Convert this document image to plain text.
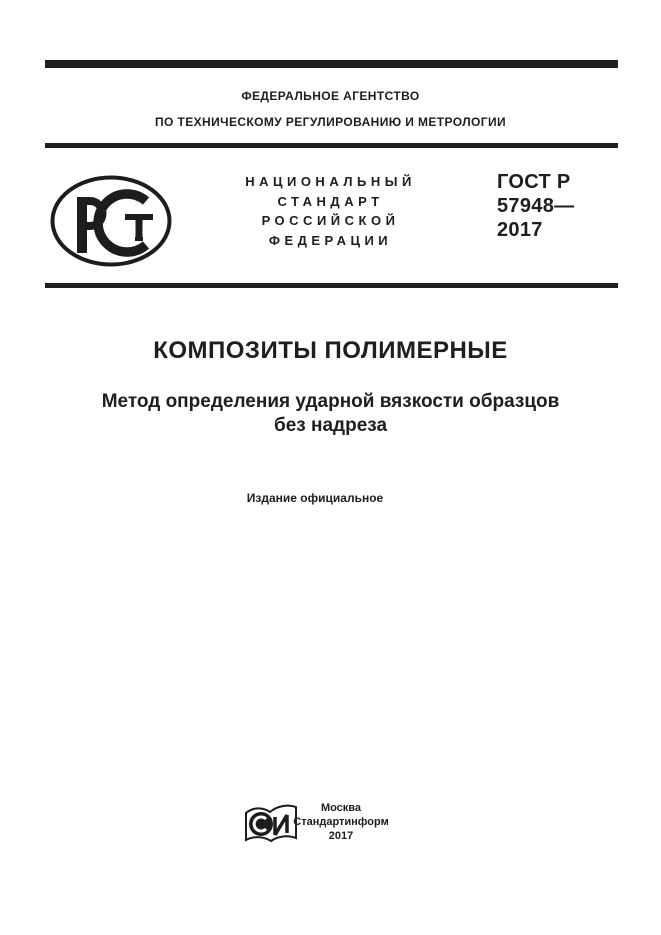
ФЕДЕРАЛЬНОЕ АГЕНТСТВО
ПО ТЕХНИЧЕСКОМУ РЕГУЛИРОВАНИЮ И МЕТРОЛОГИИ
НАЦИОНАЛЬНЫЙ
СТАНДАРТ
РОССИЙСКОЙ
ФЕДЕРАЦИИ
ГОСТ Р
57948—
2017
КОМПОЗИТЫ ПОЛИМЕРНЫЕ
Метод определения ударной вязкости образцов
без надреза
Издание официальное
Москва
Стандартинформ
2017
